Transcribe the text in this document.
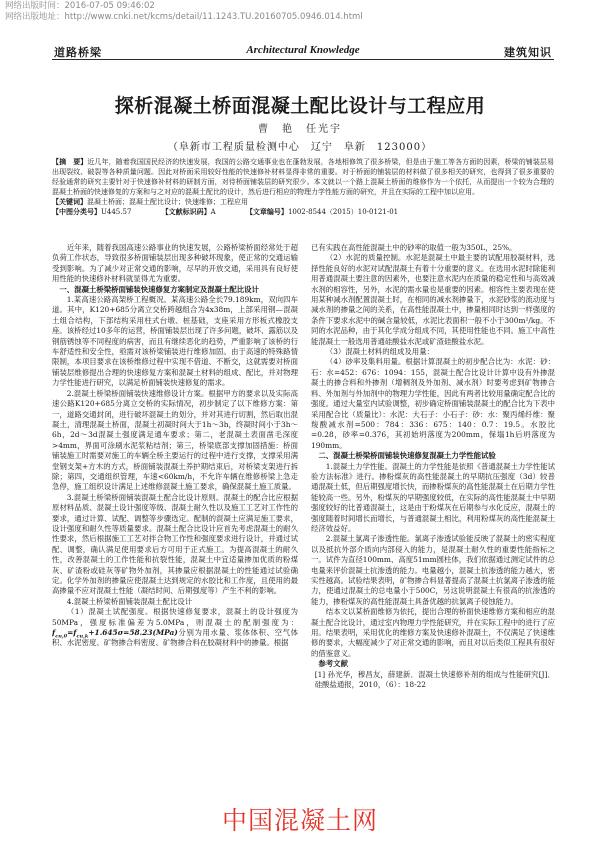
网络出版时间：2016-07-05 09:46:02
网络出版地址：http://www.cnki.net/kcms/detail/11.1243.TU.20160705.0946.014.html
道路桥梁	Architectural Knowledge	建筑知识
探析混凝土桥面混凝土配比设计与工程应用
曹　艳　任光宇
（阜新市工程质量检测中心　辽宁　阜新　123000）

【摘　要】近几年，随着我国国民经济的快速发展，我国的公路交通事业也在蓬勃发展，各地相修筑了很多桥梁，但是由于施工等各方面的因素，桥梁的铺装层易出现裂纹、破裂等各种质量问题。因此对桥面采用较好性能的快速修补材料显得非常的重要。对于桥面的铺装层的材料做了很多相关的研究，也得到了很多重要的经验通常的研究主要针对于快速修补材料的研制方面，对待桥面铺装层的研究很少。本文就以一个路上混凝土桥面的维修作为一个依托，从而提出一个较为合理的混凝土桥面的快速修复的方案和与之对应的混凝土配比的设计，然后进行相应的物理力学性能方面的研究，并且在实际的工程中加以应用。

【关键词】混凝土桥面；混凝土配比设计；快速维修；工程应用

【中图分类号】U445.57	【文献标识码】A	【文章编号】1002-8544（2015）10-0121-01

近年来，随着我国高速公路事业的快速发展，公路桥梁桥面经常处于超负荷工作状态，导致很多桥面铺装层出现多种破坏现象，使正常的交通运输受到影响。为了减少对正常交通的影响，尽早的开放交通，采用具有良好使用性能的快速修补材料就显得尤为重要。

一、混凝土桥梁桥面铺装快速修复方案制定及混凝土配比设计

1.某高速公路高架桥工程概况。某高速公路全长79.189km，双向四车道。其中，K120+685分离立交桥跨越组合为4x38m，上部采用钢—混凝土组合结构，下部结构采用柱式台墩、桩基础，支座采用方形板式橡胶支座。该桥经过10多年的运营，桥面铺装层出现了许多问题，破坏、露筋以及钢筋锈蚀等不同程度的病害，而且有继续恶化的趋势，严重影响了该桥的行车舒适性和安全性，亟需对该桥梁铺装进行维修加固。由于高速的特殊路情限制，本项目要求在该桥维修过程中实现不借道、不断交，这就需要对桥面铺装层维修提出合理的快速修复方案和混凝土材料的组成、配比，并对物理力学性能进行研究，以满足桥面铺装快速修复的需求。

2.混凝土桥梁桥面铺装快速维修设计方案。根据甲方的要求以及实际高速公路K120+685分离立交桥的实际情况，初步制定了以下维修方案：第一，道路交通封闭，进行破坏混凝土的划分，并对其进行切割，然后取出混凝土，清理混凝土桥面，混凝土初凝时间大于1h～3h，终凝时间小于3h～6h，2d～3d混凝土强度满足通车要求；第二，老混凝土表面凿毛深度>4mm，界面可涂刷水泥浆粘结剂；第三，桥梁底部支撑加固措施：桥面铺装施工时需要对施工的车辆全桥主要运行的过程中进行支撑，支撑采用满堂钢支架+方木的方式，桥面铺装混凝土养护期结束后，对桥梁支架进行拆除；第四，交通组织管理，车速<60km/h，不允许车辆在维修桥梁上急走急停，施工组织设计满足上述维修混凝土施工要求，确保混凝土施工质量。

3.混凝土桥梁桥面铺装混凝土配合比设计原则。混凝土的配合比应根据原材料品质、混凝土设计强度等级、混凝土耐久性以及施工工艺对工作性的要求，通过计算、试配、调整等步骤选定。配制的混凝土应满足施工要求，设计强度和耐久性等质量要求。混凝土配合比设计应首先考虑混凝土的耐久性要求，然后根据施工工艺对拌合物工作性和强度要求进行设计，并通过试配、调整，确认满足使用要求后方可用于正式施工。为提高混凝土的耐久性，改善混凝土的工作性能和抗裂性能，混凝土中宜适量掺加优质的粉煤灰、矿渣粉或硅灰等矿物外加剂，其掺量应根据混凝土的性能通过试验确定。化学外加剂的掺量应使混凝土达到规定的水胶比和工作度，且使用的最高掺量不应对混凝土性能（凝结时间、后期强度等）产生不利的影响。

4.混凝土桥梁桥面铺装混凝土配比设计

（1）混凝土试配强度。根据快速修复要求，混凝土的设计强度为50MPa，强度标准偏差为5.0MPa，则混凝土的配制强度为：$f_{cu,0}=f_{cu,k}+1.645\sigma=58.23(MPa)$分别为用水量、浆体体积、空气体积、水泥密度、矿物掺合料密度、矿物掺合料在胶凝材料中的掺量。根据

已有实践在高性能混凝土中的砂率的取值一般为350L，25%。

（2）水泥的质量控制。水泥是混凝土中最主要的试配用胶凝材料，选择性能良好的水泥对试配混凝土有着十分重要的意义。在选用水泥时除能利用普通混凝土要注意的因素外，也要注意水泥内在质量的稳定性和与高效减水剂的相容性，另外，水泥的需水量也是重要的因素。相容性主要表现在使用某种减水剂配置混凝土时，在相同的减水剂掺量下，水泥砂浆的流动度与减水剂的掺量之间的关系，在高性能混凝土中，掺量相同时达到一样强度的条件下要求水泥中的碱含量较低，水泥比表面积一般不小于300m²/kg。不同的水泥品种，由于其化学成分组成不同，其使用性能也不同。施工中高性能混凝土一般选用普通硅酸盐水泥或矿渣硅酸盐水泥。

（3）混凝土材料的组成及用量：

（4）砂率及集料用量。根据计算混凝土的初步配合比为：水泥：砂：石：水=452：676：1094：155，混凝土配合比设计计算中设有外掺混凝土的掺合料和外掺剂（增稠剂及外加剂、减水剂）时要考虑到矿物掺合料、外加剂与外加剂中的物理力学性能，因此有两者比较用量确定配合比的强度。通过大量室内试验调整，初步确定桥面铺装混凝土的配合比为下表中采用配合比（质量比）：水泥：大石子：小石子：砂：水：聚丙烯纤维：聚羧酸减水剂=500：784：336：675：140：0.7：19.5。水胶比=0.28，砂率=0.376，其初始坍落度为200mm，保塌1h后坍落度为190mm。

二、混凝土桥梁桥面铺装快速修复混凝土力学性能试验

1.混凝土力学性能。混凝土的力学性能是依照《普通混凝土力学性能试验方法标准》进行。掺粉煤灰的高性能混凝土的早期抗压强度（3d）较普通混凝土低，但后期强度增长快，而掺粉煤灰的高性能混凝土在后期力学性能较高一些。另外，粉煤灰的早期强度较低，在实际的高性能混凝土中早期强度较好的比普通混凝土，这是由于粉煤灰在后期参与水化反应，混凝土的强度随着时间增长而增长，与普通混凝土相比，利用粉煤灰的高性能混凝土经济效益好。

2.混凝土氯离子渗透性能。氯离子渗透试验能反映了混凝土的密实程度以及抵抗外部介质向内部侵入的能力，是混凝土耐久性的重要性能指标之一。试件为直径100mm、高度51mm圆柱体，我们依据通过测定试件的总电量来评价混凝土抗渗透的能力。电量越小，混凝土抗渗透的能力越大，密实性越高。试验结果表明，矿物掺合料显著提高了混凝土抗氯离子渗透的能力，使通过混凝土的总电量小于500C，另这说明混凝土有很高的抗渗透的能力，掺粉煤灰的高性能混凝土具备优越的抗氯离子侵蚀能力。

结本文以某桥面维修为依托，提出合理的桥面快速维修方案和相应的混凝土配合比设计，通过室内物理力学性能研究，并在实际工程中的进行了应用。结果表明，采用优化的维修方案及快速修补混凝土，不仅满足了快速维修的要求，大幅度减少了对正常交通的影响，而且对以后类似工程具有很好的借鉴意义。

参考文献

[1] 孙光华，穆昌友，薛建新．混凝土快速修补剂的组成与性能研究[J]．硅酸盐通报，2010，（6）：18-22

中国混凝土网
